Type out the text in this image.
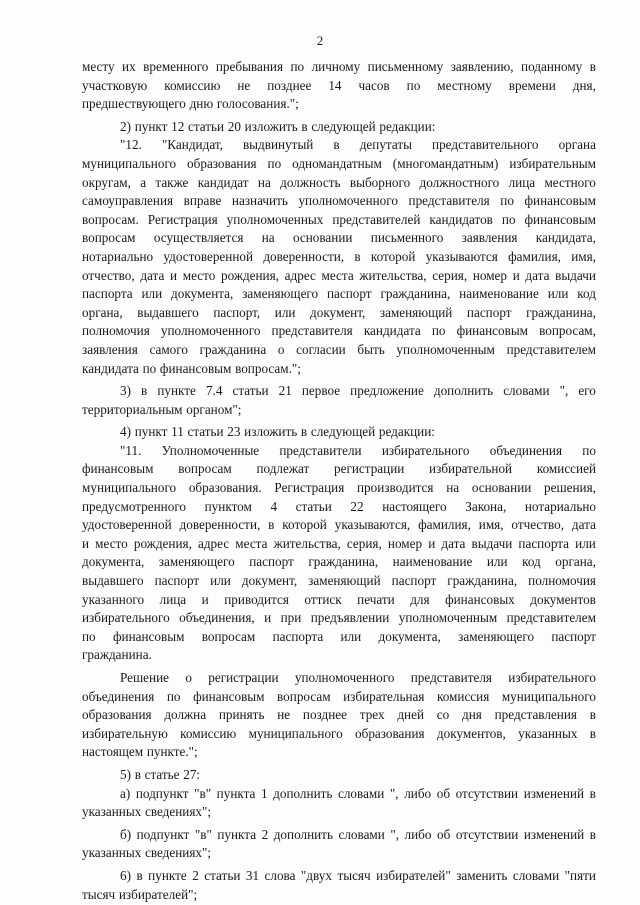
2
месту их временного пребывания по личному письменному заявлению, поданному в
участковую комиссию не позднее 14 часов по местному времени дня,
предшествующего дню голосования.";
2) пункт 12 статьи 20 изложить в следующей редакции:
"12. "Кандидат, выдвинутый в депутаты представительного органа
муниципального образования по одномандатным (многомандатным) избирательным
округам, а также кандидат на должность выборного должностного лица местного
самоуправления вправе назначить уполномоченного представителя по финансовым
вопросам. Регистрация уполномоченных представителей кандидатов по финансовым
вопросам осуществляется на основании письменного заявления кандидата,
нотариально удостоверенной доверенности, в которой указываются фамилия, имя,
отчество, дата и место рождения, адрес места жительства, серия, номер и дата выдачи
паспорта или документа, заменяющего паспорт гражданина, наименование или код
органа, выдавшего паспорт, или документ, заменяющий паспорт гражданина,
полномочия уполномоченного представителя кандидата по финансовым вопросам,
заявления самого гражданина о согласии быть уполномоченным представителем
кандидата по финансовым вопросам.";
3) в пункте 7.4 статьи 21 первое предложение дополнить словами ", его
территориальным органом";
4) пункт 11 статьи 23 изложить в следующей редакции:
"11. Уполномоченные представители избирательного объединения по
финансовым вопросам подлежат регистрации избирательной комиссией
муниципального образования. Регистрация производится на основании решения,
предусмотренного пунктом 4 статьи 22 настоящего Закона, нотариально
удостоверенной доверенности, в которой указываются, фамилия, имя, отчество, дата
и место рождения, адрес места жительства, серия, номер и дата выдачи паспорта или
документа, заменяющего паспорт гражданина, наименование или код органа,
выдавшего паспорт или документ, заменяющий паспорт гражданина, полномочия
указанного лица и приводится оттиск печати для финансовых документов
избирательного объединения, и при предъявлении уполномоченным представителем
по финансовым вопросам паспорта или документа, заменяющего паспорт
гражданина.
Решение о регистрации уполномоченного представителя избирательного
объединения по финансовым вопросам избирательная комиссия муниципального
образования должна принять не позднее трех дней со дня представления в
избирательную комиссию муниципального образования документов, указанных в
настоящем пункте.";
5) в статье 27:
а) подпункт "в" пункта 1 дополнить словами ", либо об отсутствии изменений в
указанных сведениях";
б) подпункт "в" пункта 2 дополнить словами ", либо об отсутствии изменений в
указанных сведениях";
6) в пункте 2 статьи 31 слова "двух тысяч избирателей" заменить словами "пяти
тысяч избирателей";
